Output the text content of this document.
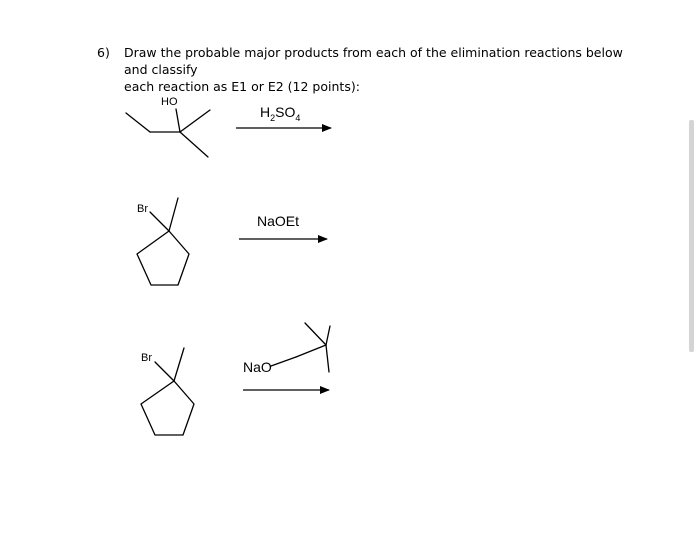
6) Draw the probable major products from each of the elimination reactions below and classify
each reaction as E1 or E2 (12 points):
HO
$H_2SO_4$
Br
NaOEt
Br
NaO
